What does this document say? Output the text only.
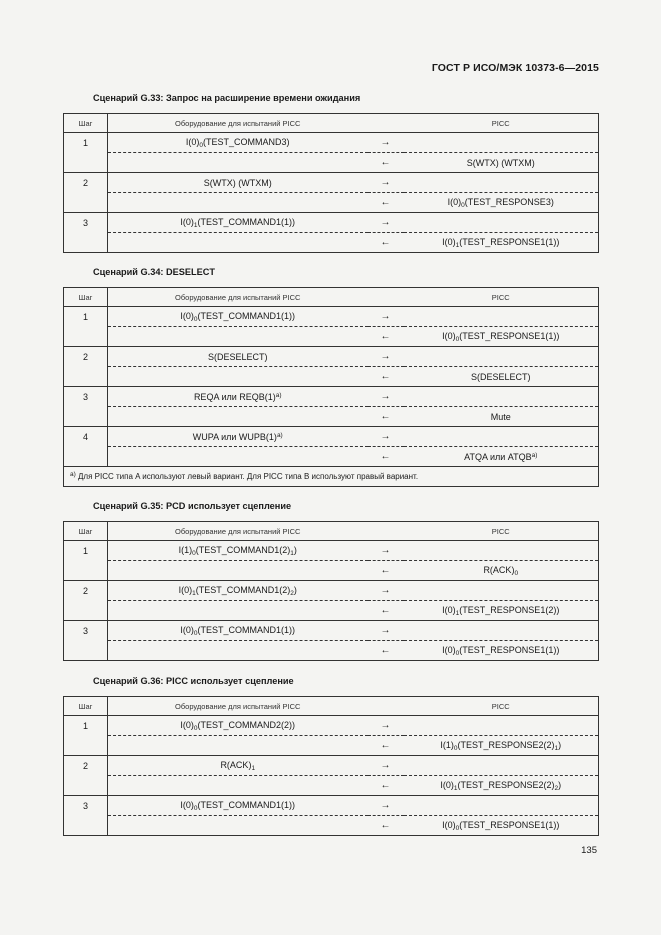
ГОСТ Р ИСО/МЭК 10373-6—2015
Сценарий G.33: Запрос на расширение времени ожидания
Шаг	Оборудование для испытаний PICC		PICC
1	$I(0)_0(TEST\_COMMAND3)$	→	
		←	S(WTX) (WTXM)
2	S(WTX) (WTXM)	→	
		←	$I(0)_0(TEST\_RESPONSE3)$
3	$I(0)_1(TEST\_COMMAND1(1))$	→	
		←	$I(0)_1(TEST\_RESPONSE1(1))$
Сценарий G.34: DESELECT
Шаг	Оборудование для испытаний PICC		PICC
1	$I(0)_0(TEST\_COMMAND1(1))$	→	
		←	$I(0)_0(TEST\_RESPONSE1(1))$
2	S(DESELECT)	→	
		←	S(DESELECT)
3	REQA или $REQB(1)^{a)}$	→	
		←	Mute
4	WUPA или $WUPB(1)^{a)}$	→	
		←	ATQA или ATQB$^{a)}$
$^{a)}$ Для PICC типа A используют левый вариант. Для PICC типа B используют правый вариант.			
Сценарий G.35: PCD использует сцепление
Шаг	Оборудование для испытаний PICC		PICC
1	$I(1)_0(TEST\_COMMAND1(2)_1)$	→	
		←	$R(ACK)_0$
2	$I(0)_1(TEST\_COMMAND1(2)_2)$	→	
		←	$I(0)_1(TEST\_RESPONSE1(2))$
3	$I(0)_0(TEST\_COMMAND1(1))$	→	
		←	$I(0)_0(TEST\_RESPONSE1(1))$
Сценарий G.36: PICC использует сцепление
Шаг	Оборудование для испытаний PICC		PICC
1	$I(0)_0(TEST\_COMMAND2(2))$	→	
		←	$I(1)_0(TEST\_RESPONSE2(2)_1)$
2	$R(ACK)_1$	→	
		←	$I(0)_1(TEST\_RESPONSE2(2)_2)$
3	$I(0)_0(TEST\_COMMAND1(1))$	→	
		←	$I(0)_0(TEST\_RESPONSE1(1))$
135
